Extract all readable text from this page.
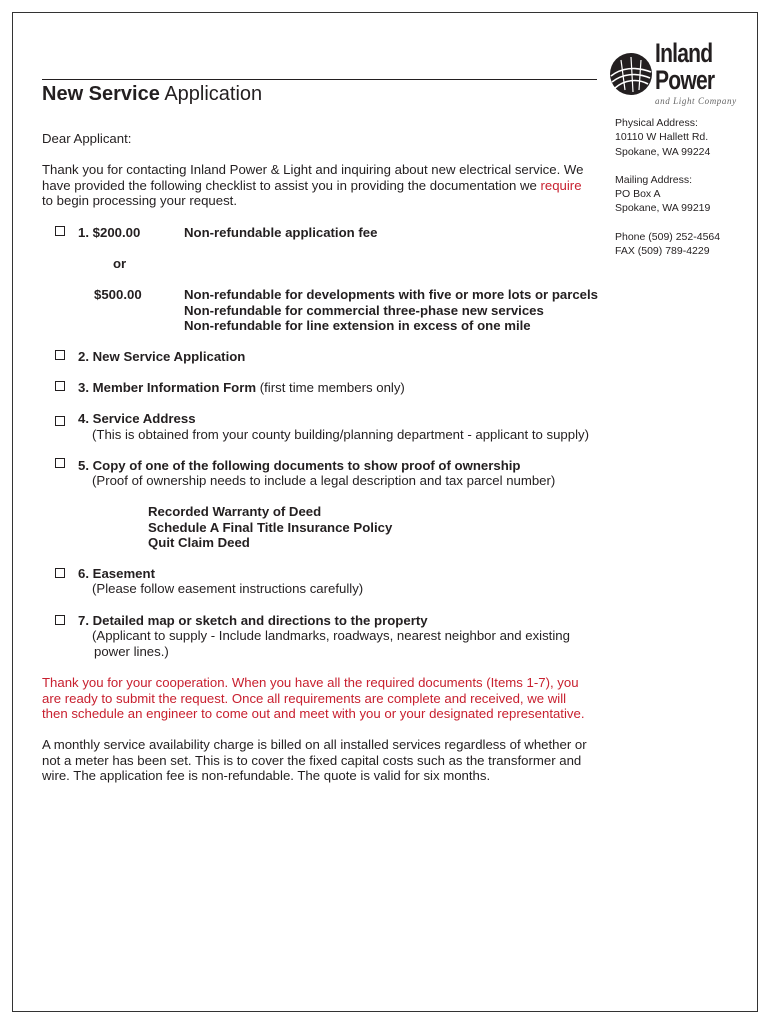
Inland
Power
and Light Company
New Service Application
Physical Address:
10110 W Hallett Rd.
Spokane, WA 99224
Mailing Address:
PO Box A
Spokane, WA 99219
Phone (509) 252-4564
FAX (509) 789-4229
Dear Applicant:
Thank you for contacting Inland Power & Light and inquiring about new electrical service. We have provided the following checklist to assist you in providing the documentation we require to begin processing your request.
1. $200.00	Non-refundable application fee
or
$500.00	Non-refundable for developments with five or more lots or parcels
Non-refundable for commercial three-phase new services
Non-refundable for line extension in excess of one mile
2. New Service Application
3. Member Information Form (first time members only)
4. Service Address
(This is obtained from your county building/planning department - applicant to supply)
5. Copy of one of the following documents to show proof of ownership
(Proof of ownership needs to include a legal description and tax parcel number)
Recorded Warranty of Deed
Schedule A Final Title Insurance Policy
Quit Claim Deed
6. Easement
(Please follow easement instructions carefully)
7. Detailed map or sketch and directions to the property
(Applicant to supply - Include landmarks, roadways, nearest neighbor and existing
power lines.)
Thank you for your cooperation. When you have all the required documents (Items 1-7), you are ready to submit the request. Once all requirements are complete and received, we will then schedule an engineer to come out and meet with you or your designated representative.
A monthly service availability charge is billed on all installed services regardless of whether or not a meter has been set. This is to cover the fixed capital costs such as the transformer and wire. The application fee is non-refundable. The quote is valid for six months.
